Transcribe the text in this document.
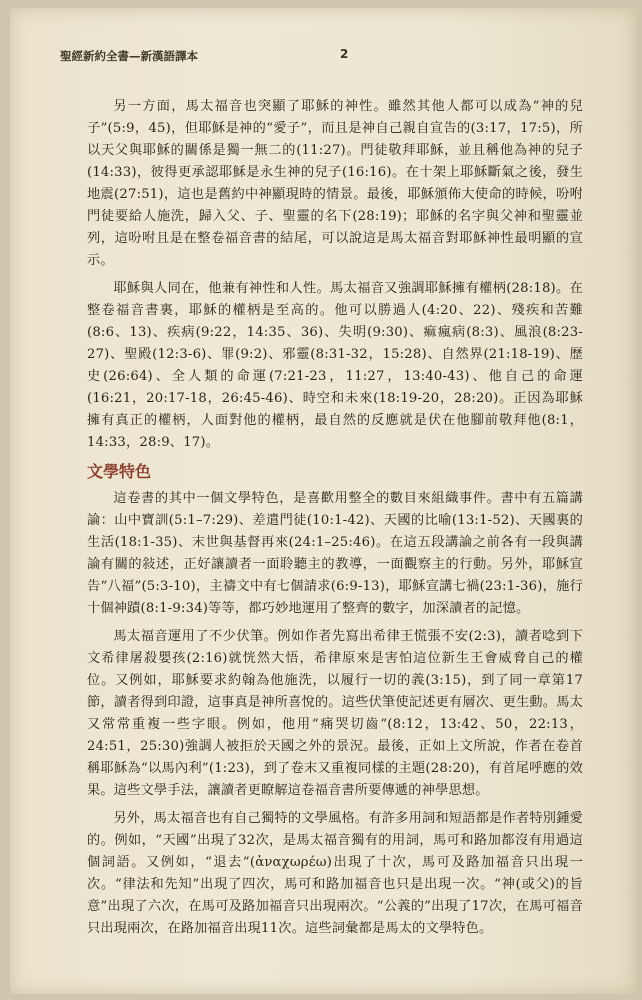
聖經新約全書—新漢語譯本	2

另一方面，馬太福音也突顯了耶穌的神性。雖然其他人都可以成為“神的兒子”(5:9，45)，但耶穌是神的“愛子”，而且是神自己親自宣告的(3:17，17:5)，所以天父與耶穌的關係是獨一無二的(11:27)。門徒敬拜耶穌，並且稱他為神的兒子(14:33)，彼得更承認耶穌是永生神的兒子(16:16)。在十架上耶穌斷氣之後，發生地震(27:51)，這也是舊約中神顯現時的情景。最後，耶穌頒佈大使命的時候，吩咐門徒要給人施洗，歸入父、子、聖靈的名下(28:19)；耶穌的名字與父神和聖靈並列，這吩咐且是在整卷福音書的結尾，可以說這是馬太福音對耶穌神性最明顯的宣示。

耶穌與人同在，他兼有神性和人性。馬太福音又強調耶穌擁有權柄(28:18)。在整卷福音書裏，耶穌的權柄是至高的。他可以勝過人(4:20、22)、殘疾和苦難(8:6、13)、疾病(9:22，14:35、36)、失明(9:30)、痲瘋病(8:3)、風浪(8:23-27)、聖殿(12:3-6)、罪(9:2)、邪靈(8:31-32，15:28)、自然界(21:18-19)、歷史(26:64)、全人類的命運(7:21-23，11:27，13:40-43)、他自己的命運(16:21，20:17-18，26:45-46)、時空和未來(18:19-20，28:20)。正因為耶穌擁有真正的權柄，人面對他的權柄，最自然的反應就是伏在他腳前敬拜他(8:1，14:33，28:9、17)。

文學特色

這卷書的其中一個文學特色，是喜歡用整全的數目來組織事件。書中有五篇講論：山中寶訓(5:1–7:29)、差遣門徒(10:1-42)、天國的比喻(13:1-52)、天國裏的生活(18:1-35)、末世與基督再來(24:1–25:46)。在這五段講論之前各有一段與講論有關的敍述，正好讓讀者一面聆聽主的教導，一面觀察主的行動。另外，耶穌宣告“八福”(5:3-10)，主禱文中有七個請求(6:9-13)，耶穌宣講七禍(23:1-36)，施行十個神蹟(8:1-9:34)等等，都巧妙地運用了整齊的數字，加深讀者的記憶。

馬太福音運用了不少伏筆。例如作者先寫出希律王慌張不安(2:3)，讀者唸到下文希律屠殺嬰孩(2:16)就恍然大悟，希律原來是害怕這位新生王會威脅自己的權位。又例如，耶穌要求約翰為他施洗，以履行一切的義(3:15)，到了同一章第17節，讀者得到印證，這事真是神所喜悅的。這些伏筆使記述更有層次、更生動。馬太又常常重複一些字眼。例如，他用“痛哭切齒”(8:12，13:42、50，22:13，24:51，25:30)強調人被拒於天國之外的景況。最後，正如上文所說，作者在卷首稱耶穌為“以馬內利”(1:23)，到了卷末又重複同樣的主題(28:20)，有首尾呼應的效果。這些文學手法，讓讀者更瞭解這卷福音書所要傳遞的神學思想。

另外，馬太福音也有自己獨特的文學風格。有許多用詞和短語都是作者特別鍾愛的。例如，“天國”出現了32次，是馬太福音獨有的用詞，馬可和路加都沒有用過這個詞語。又例如，“退去”(ἀναχωρέω)出現了十次，馬可及路加福音只出現一次。“律法和先知”出現了四次，馬可和路加福音也只是出現一次。“神(或父)的旨意”出現了六次，在馬可及路加福音只出現兩次。“公義的”出現了17次，在馬可福音只出現兩次，在路加福音出現11次。這些詞彙都是馬太的文學特色。
